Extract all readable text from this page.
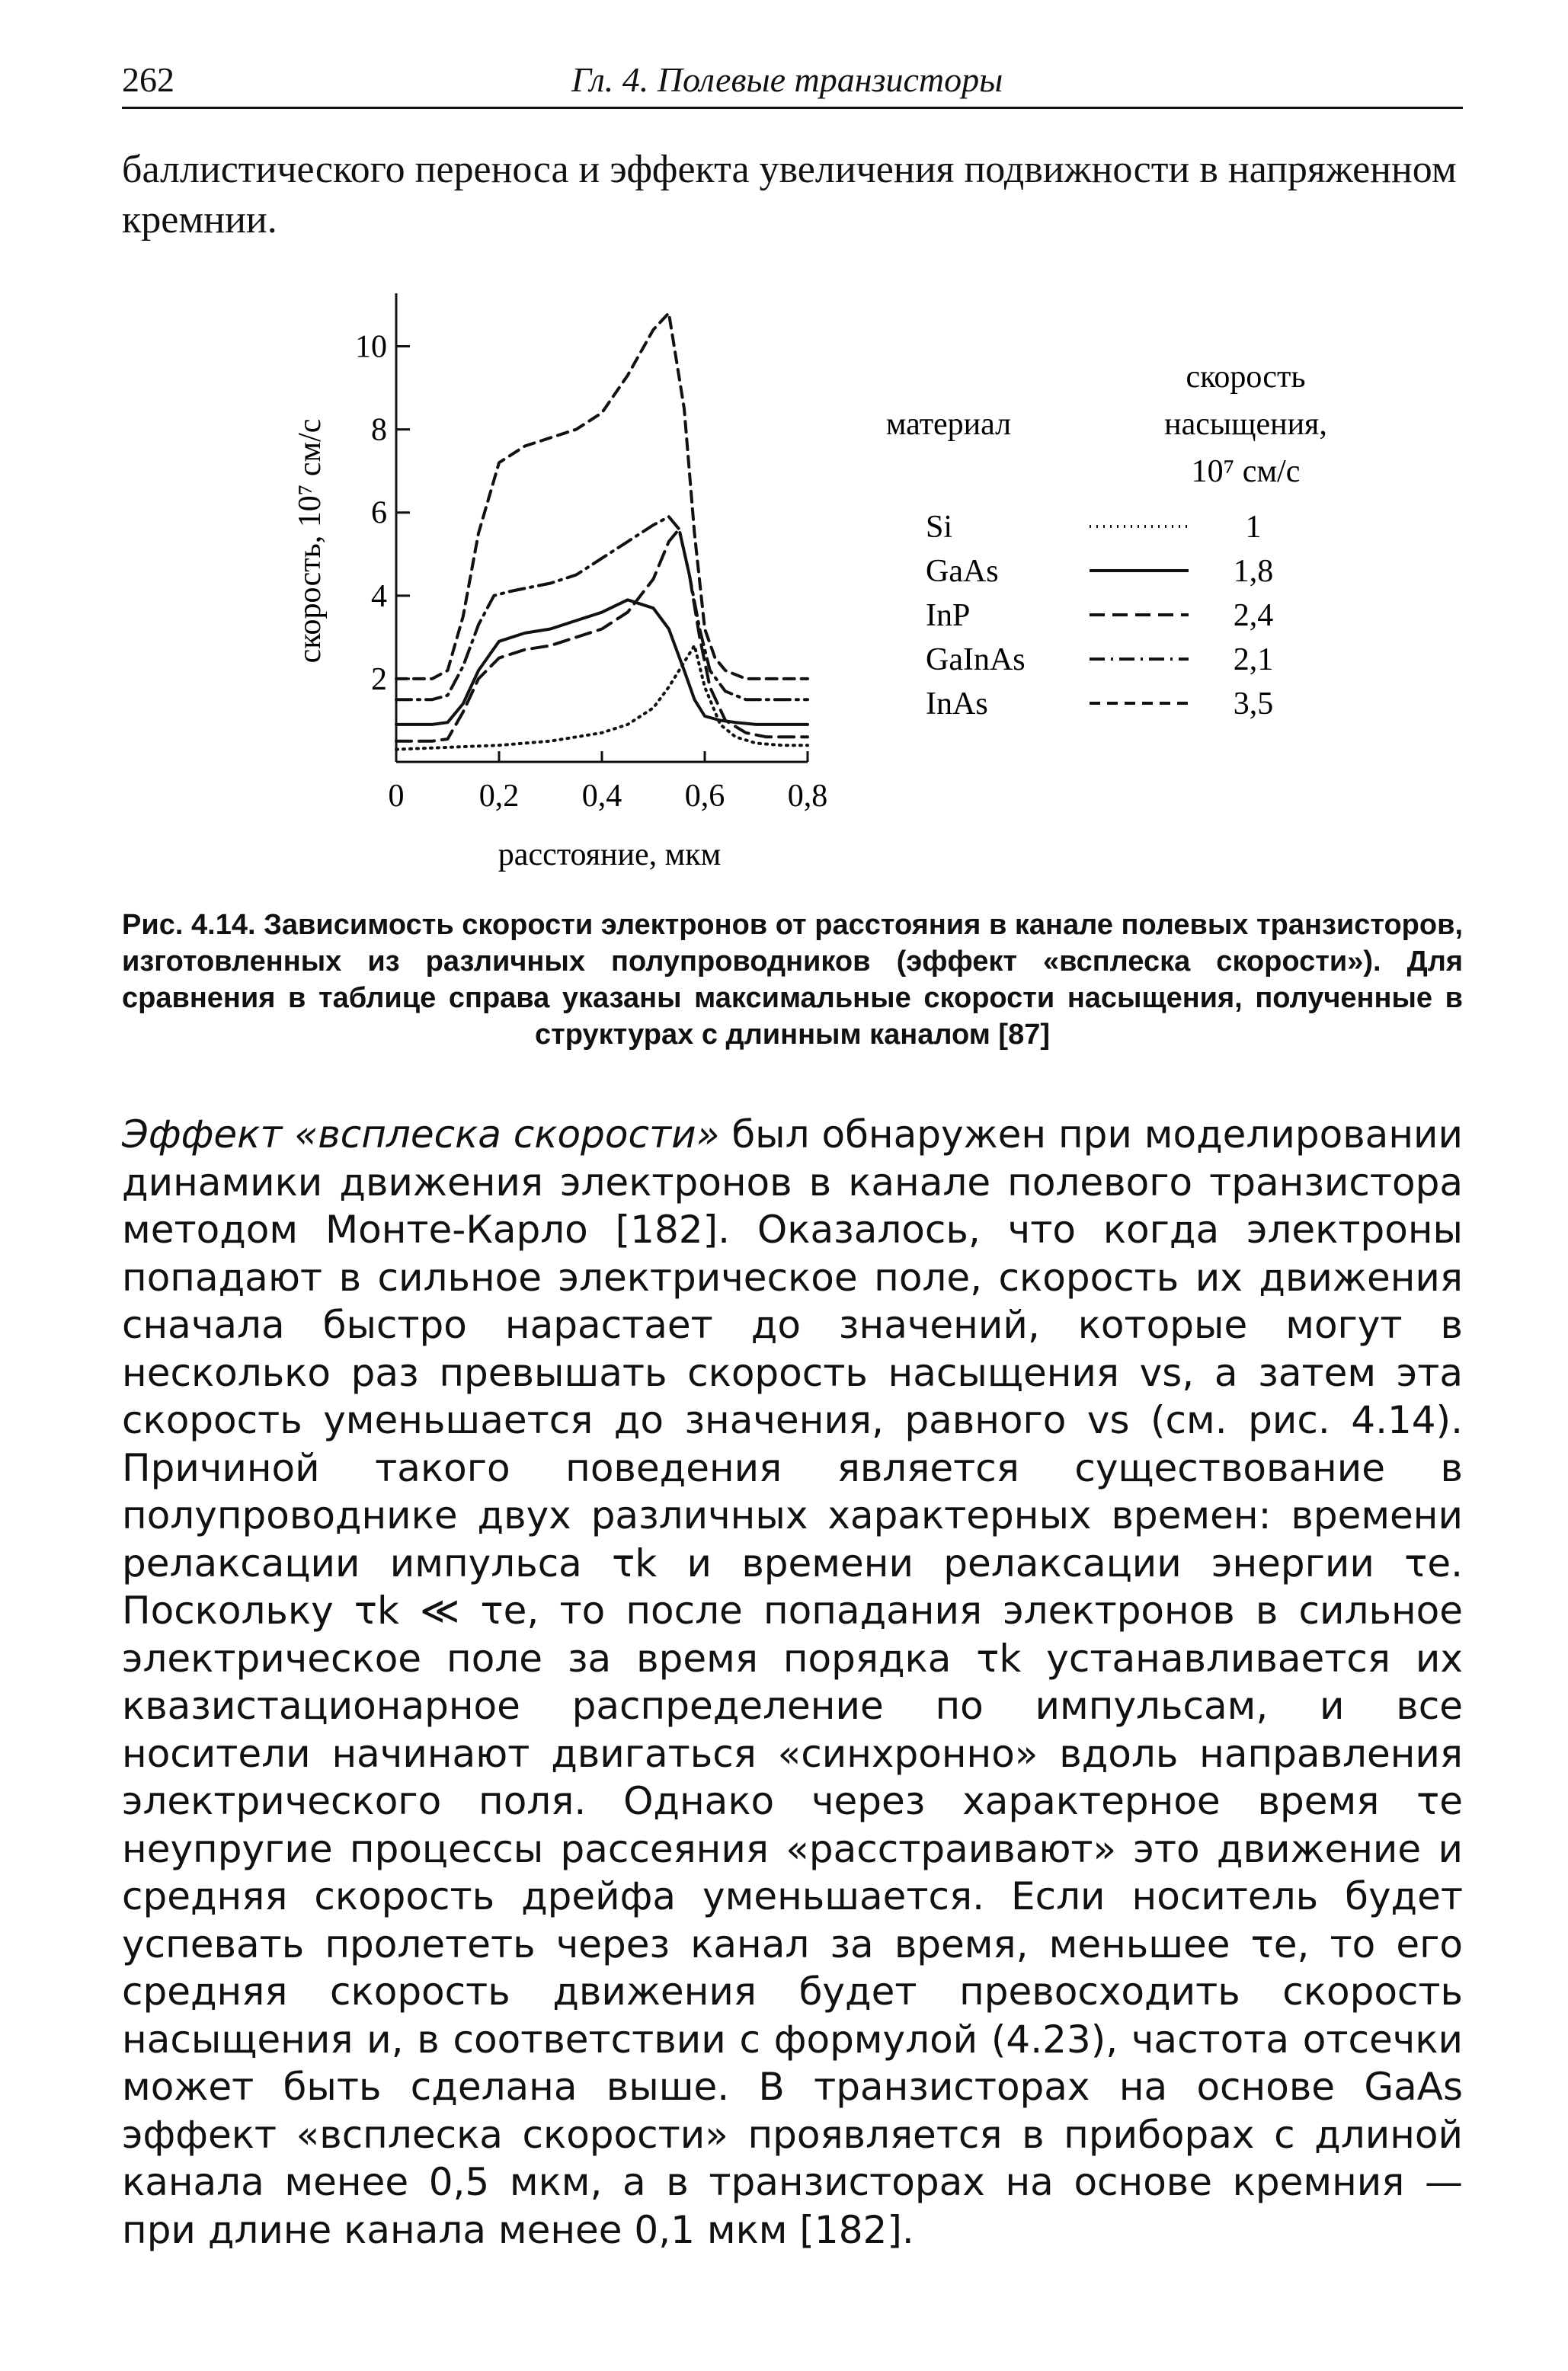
262	Гл. 4. Полевые транзисторы
баллистического переноса и эффекта увеличения подвижности в напряженном кремнии.
скорость, 10⁷ см/с
2
4
6
8
10
0 0,2 0,4 0,6 0,8
расстояние, мкм
материал
скорость
насыщения,
10⁷ см/с
Si	1
GaAs	1,8
InP	2,4
GaInAs	2,1
InAs	3,5
Рис. 4.14. Зависимость скорости электронов от расстояния в канале полевых транзисторов, изготовленных из различных полупроводников (эффект «всплеска скорости»). Для сравнения в таблице справа указаны максимальные скорости насыщения, полученные в структурах с длинным каналом [87]
Эффект «всплеска скорости» был обнаружен при моделировании динамики движения электронов в канале полевого транзистора методом Монте-Карло [182]. Оказалось, что когда электроны попадают в сильное электрическое поле, скорость их движения сначала быстро нарастает до значений, которые могут в несколько раз превышать скорость насыщения vs, а затем эта скорость уменьшается до значения, равного vs (см. рис. 4.14). Причиной такого поведения является существование в полупроводнике двух различных характерных времен: времени релаксации импульса τk и времени релаксации энергии τe. Поскольку τk ≪ τe, то после попадания электронов в сильное электрическое поле за время порядка τk устанавливается их квазистационарное распределение по импульсам, и все носители начинают двигаться «синхронно» вдоль направления электрического поля. Однако через характерное время τe неупругие процессы рассеяния «расстраивают» это движение и средняя скорость дрейфа уменьшается. Если носитель будет успевать пролететь через канал за время, меньшее τe, то его средняя скорость движения будет превосходить скорость насыщения и, в соответствии с формулой (4.23), частота отсечки может быть сделана выше. В транзисторах на основе GaAs эффект «всплеска скорости» проявляется в приборах с длиной канала менее 0,5 мкм, а в транзисторах на основе кремния — при длине канала менее 0,1 мкм [182].
